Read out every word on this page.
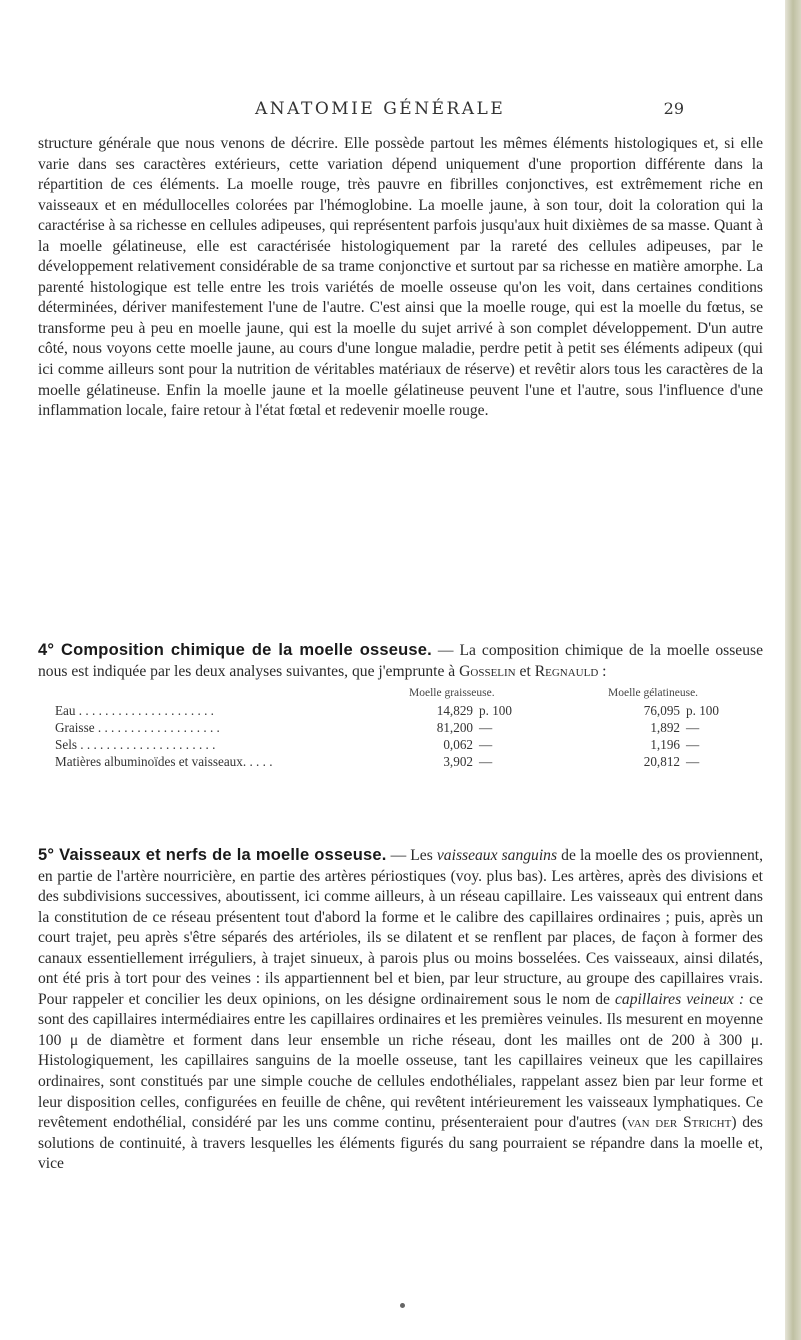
ANATOMIE GÉNÉRALE	29

structure générale que nous venons de décrire. Elle possède partout les mêmes éléments histologiques et, si elle varie dans ses caractères extérieurs, cette variation dépend uniquement d'une proportion différente dans la répartition de ces éléments. La moelle rouge, très pauvre en fibrilles conjonctives, est extrêmement riche en vaisseaux et en médullocelles colorées par l'hémoglobine. La moelle jaune, à son tour, doit la coloration qui la caractérise à sa richesse en cellules adipeuses, qui représentent parfois jusqu'aux huit dixièmes de sa masse. Quant à la moelle gélatineuse, elle est caractérisée histologiquement par la rareté des cellules adipeuses, par le développement relativement considérable de sa trame conjonctive et surtout par sa richesse en matière amorphe. La parenté histologique est telle entre les trois variétés de moelle osseuse qu'on les voit, dans certaines conditions déterminées, dériver manifestement l'une de l'autre. C'est ainsi que la moelle rouge, qui est la moelle du fœtus, se transforme peu à peu en moelle jaune, qui est la moelle du sujet arrivé à son complet développement. D'un autre côté, nous voyons cette moelle jaune, au cours d'une longue maladie, perdre petit à petit ses éléments adipeux (qui ici comme ailleurs sont pour la nutrition de véritables matériaux de réserve) et revêtir alors tous les caractères de la moelle gélatineuse. Enfin la moelle jaune et la moelle gélatineuse peuvent l'une et l'autre, sous l'influence d'une inflammation locale, faire retour à l'état fœtal et redevenir moelle rouge.

4° Composition chimique de la moelle osseuse. — La composition chimique de la moelle osseuse nous est indiquée par les deux analyses suivantes, que j'emprunte à Gosselin et Regnauld :

Moelle graisseuse.	Moelle gélatineuse.
Eau . . . . . . . . . . . . . . . . . . . . .	14,829 p. 100	76,095 p. 100
Graisse . . . . . . . . . . . . . . . . . . .	81,200 —	1,892 —
Sels . . . . . . . . . . . . . . . . . . . . .	0,062 —	1,196 —
Matières albuminoïdes et vaisseaux. . . . .	3,902 —	20,812 —

5° Vaisseaux et nerfs de la moelle osseuse. — Les vaisseaux sanguins de la moelle des os proviennent, en partie de l'artère nourricière, en partie des artères périostiques (voy. plus bas). Les artères, après des divisions et des subdivisions successives, aboutissent, ici comme ailleurs, à un réseau capillaire. Les vaisseaux qui entrent dans la constitution de ce réseau présentent tout d'abord la forme et le calibre des capillaires ordinaires ; puis, après un court trajet, peu après s'être séparés des artérioles, ils se dilatent et se renflent par places, de façon à former des canaux essentiellement irréguliers, à trajet sinueux, à parois plus ou moins bosselées. Ces vaisseaux, ainsi dilatés, ont été pris à tort pour des veines : ils appartiennent bel et bien, par leur structure, au groupe des capillaires vrais. Pour rappeler et concilier les deux opinions, on les désigne ordinairement sous le nom de capillaires veineux : ce sont des capillaires intermédiaires entre les capillaires ordinaires et les premières veinules. Ils mesurent en moyenne 100 μ de diamètre et forment dans leur ensemble un riche réseau, dont les mailles ont de 200 à 300 μ. Histologiquement, les capillaires sanguins de la moelle osseuse, tant les capillaires veineux que les capillaires ordinaires, sont constitués par une simple couche de cellules endothéliales, rappelant assez bien par leur forme et leur disposition celles, configurées en feuille de chêne, qui revêtent intérieurement les vaisseaux lymphatiques. Ce revêtement endothélial, considéré par les uns comme continu, présenteraient pour d'autres (van der Stricht) des solutions de continuité, à travers lesquelles les éléments figurés du sang pourraient se répandre dans la moelle et, vice
